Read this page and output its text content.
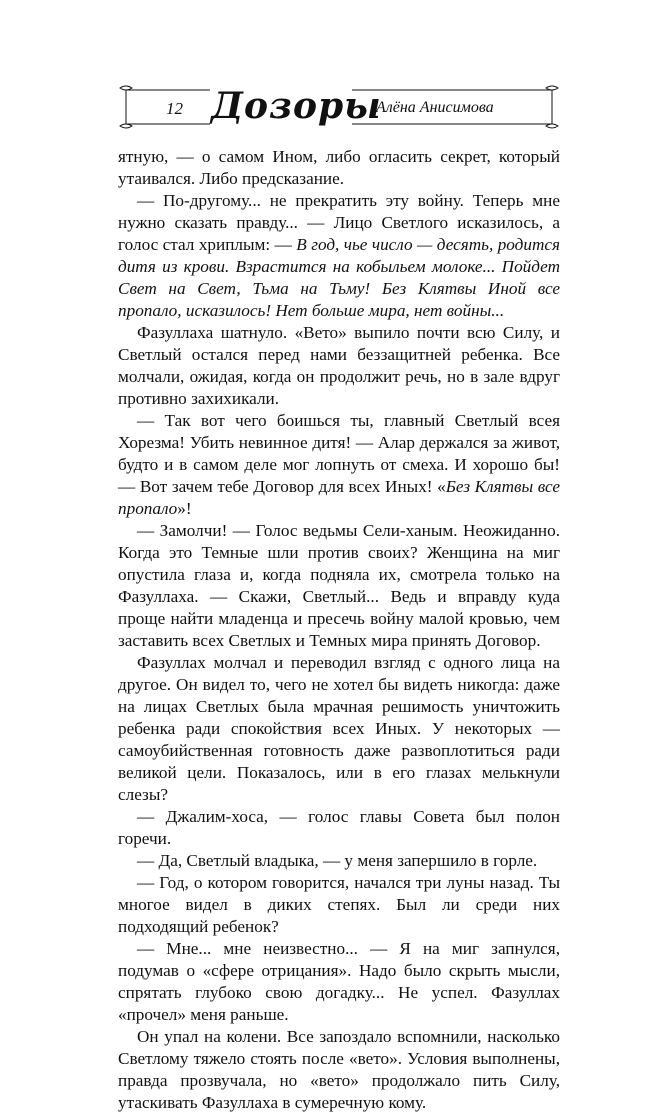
12 Дозоры
Алёна Анисимова

ятную, — о самом Ином, либо огласить секрет, который утаивался. Либо предсказание.

— По-другому... не прекратить эту войну. Теперь мне нужно сказать правду... — Лицо Светлого исказилось, а голос стал хриплым: — В год, чье число — десять, родится дитя из крови. Взрастится на кобыльем молоке... Пойдет Свет на Свет, Тьма на Тьму! Без Клятвы Иной все пропало, исказилось! Нет больше мира, нет войны...

Фазуллаха шатнуло. «Вето» выпило почти всю Силу, и Светлый остался перед нами беззащитней ребенка. Все молчали, ожидая, когда он продолжит речь, но в зале вдруг противно захихикали.

— Так вот чего боишься ты, главный Светлый всея Хорезма! Убить невинное дитя! — Алар держался за живот, будто и в самом деле мог лопнуть от смеха. И хорошо бы! — Вот зачем тебе Договор для всех Иных! «Без Клятвы все пропало»!

— Замолчи! — Голос ведьмы Сели-ханым. Неожиданно. Когда это Темные шли против своих? Женщина на миг опустила глаза и, когда подняла их, смотрела только на Фазуллаха. — Скажи, Светлый... Ведь и вправду куда проще найти младенца и пресечь войну малой кровью, чем заставить всех Светлых и Темных мира принять Договор.

Фазуллах молчал и переводил взгляд с одного лица на другое. Он видел то, чего не хотел бы видеть никогда: даже на лицах Светлых была мрачная решимость уничтожить ребенка ради спокойствия всех Иных. У некоторых — самоубийственная готовность даже развоплотиться ради великой цели. Показалось, или в его глазах мелькнули слезы?

— Джалим-хоса, — голос главы Совета был полон горечи.

— Да, Светлый владыка, — у меня запершило в горле.

— Год, о котором говорится, начался три луны назад. Ты многое видел в диких степях. Был ли среди них подходящий ребенок?

— Мне... мне неизвестно... — Я на миг запнулся, подумав о «сфере отрицания». Надо было скрыть мысли, спрятать глубоко свою догадку... Не успел. Фазуллах «прочел» меня раньше.

Он упал на колени. Все запоздало вспомнили, насколько Светлому тяжело стоять после «вето». Условия выполнены, правда прозвучала, но «вето» продолжало пить Силу, утаскивать Фазуллаха в сумеречную кому.
